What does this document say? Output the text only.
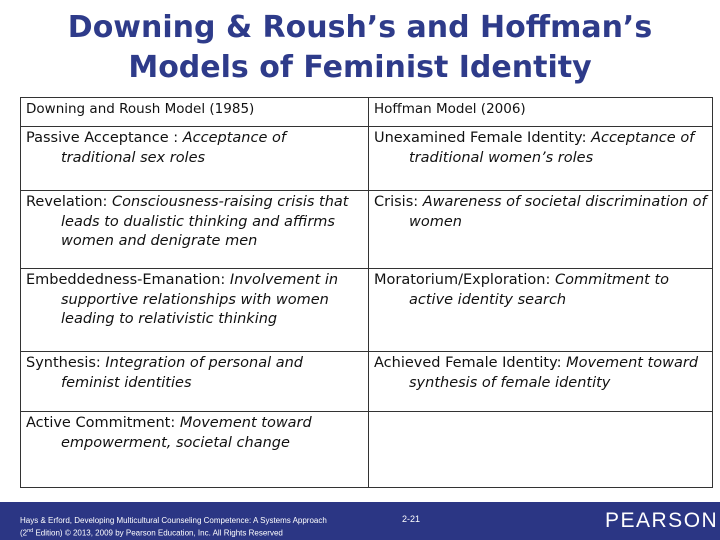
Downing & Roush’s and Hoffman’s
Models of Feminist Identity
Downing and Roush Model (1985)	Hoffman Model (2006)

Passive Acceptance : Acceptance of traditional sex roles	Unexamined Female Identity: Acceptance of traditional women’s roles

Revelation: Consciousness-raising crisis that leads to dualistic thinking and affirms women and denigrate men	Crisis: Awareness of societal discrimination of women

Embeddedness-Emanation: Involvement in supportive relationships with women leading to relativistic thinking	Moratorium/Exploration: Commitment to active identity search

Synthesis: Integration of personal and feminist identities	Achieved Female Identity: Movement toward synthesis of female identity

Active Commitment: Movement toward empowerment, societal change	

Hays & Erford, Developing Multicultural Counseling Competence: A Systems Approach
(2nd Edition) © 2013, 2009 by Pearson Education, Inc. All Rights Reserved
2-21	PEARSON
